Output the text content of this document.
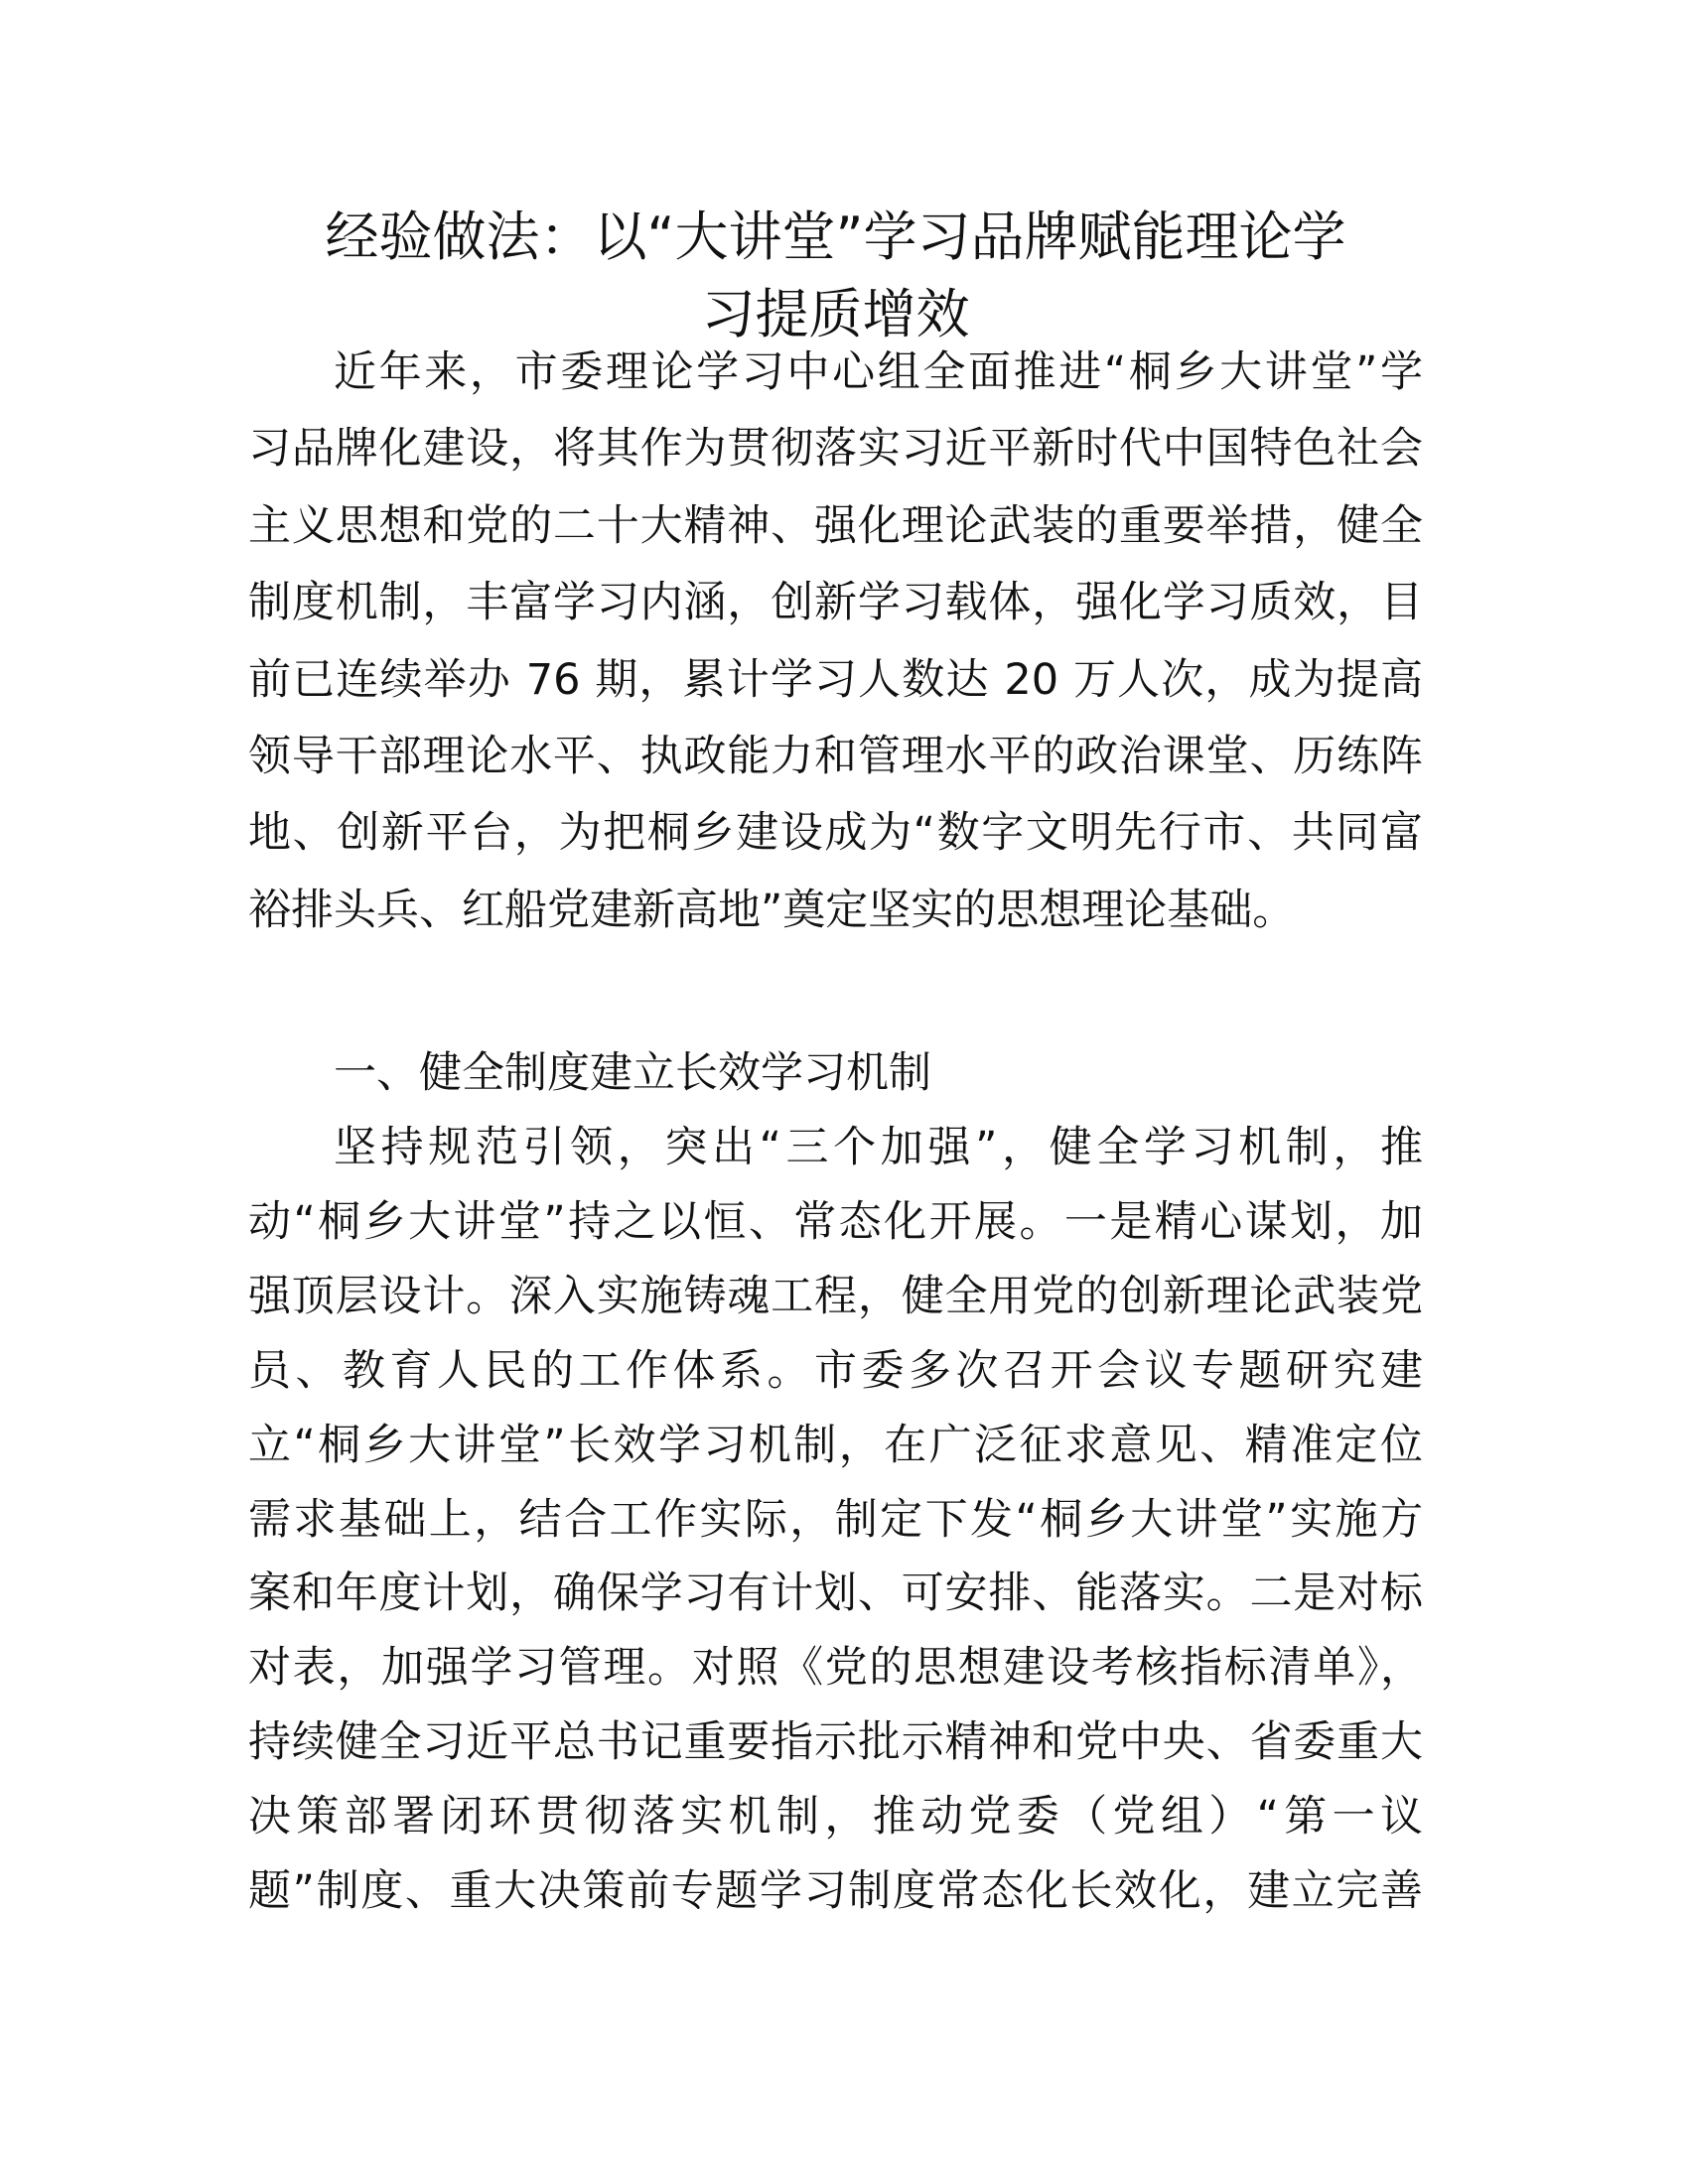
经验做法：以“大讲堂”学习品牌赋能理论学
习提质增效
近年来，市委理论学习中心组全面推进“桐乡大讲堂”学
习品牌化建设，将其作为贯彻落实习近平新时代中国特色社会
主义思想和党的二十大精神、强化理论武装的重要举措，健全
制度机制，丰富学习内涵，创新学习载体，强化学习质效，目
前已连续举办 76 期，累计学习人数达 20 万人次，成为提高
领导干部理论水平、执政能力和管理水平的政治课堂、历练阵
地、创新平台，为把桐乡建设成为“数字文明先行市、共同富
裕排头兵、红船党建新高地”奠定坚实的思想理论基础。
一、健全制度建立长效学习机制
坚持规范引领，突出“三个加强”，健全学习机制，推
动“桐乡大讲堂”持之以恒、常态化开展。一是精心谋划，加
强顶层设计。深入实施铸魂工程，健全用党的创新理论武装党
员、教育人民的工作体系。市委多次召开会议专题研究建
立“桐乡大讲堂”长效学习机制，在广泛征求意见、精准定位
需求基础上，结合工作实际，制定下发“桐乡大讲堂”实施方
案和年度计划，确保学习有计划、可安排、能落实。二是对标
对表，加强学习管理。对照《党的思想建设考核指标清单》，
持续健全习近平总书记重要指示批示精神和党中央、省委重大
决策部署闭环贯彻落实机制，推动党委（党组）“第一议
题”制度、重大决策前专题学习制度常态化长效化，建立完善
